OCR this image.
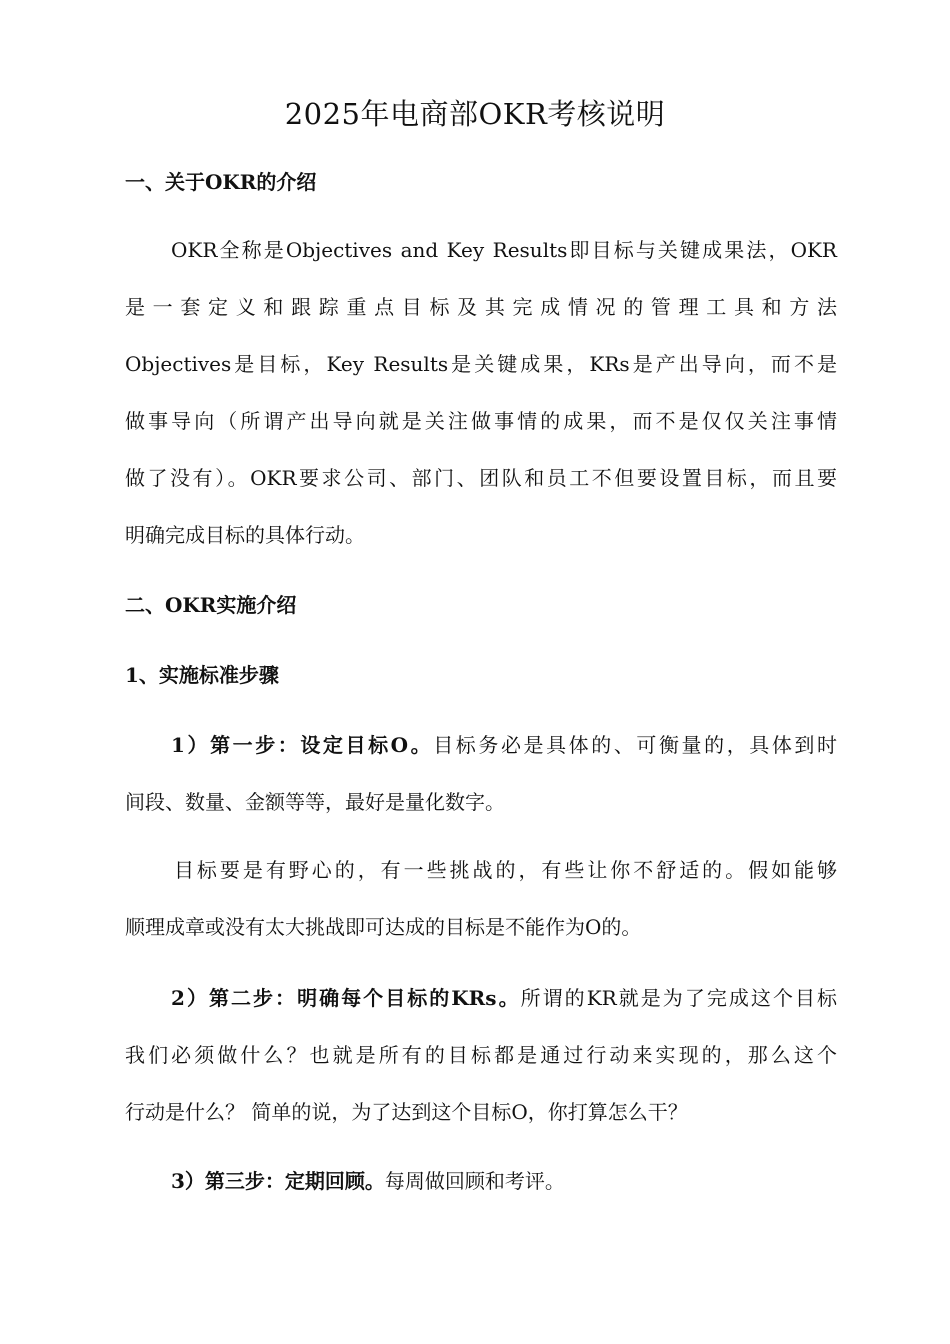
2025年电商部OKR考核说明
一、关于OKR的介绍
OKR全称是Objectives and Key Results即目标与关键成果法，OKR
是一套定义和跟踪重点目标及其完成情况的管理工具和方法
Objectives是目标，Key Results是关键成果，KRs是产出导向，而不是
做事导向（所谓产出导向就是关注做事情的成果，而不是仅仅关注事情
做了没有）。OKR要求公司、部门、团队和员工不但要设置目标，而且要
明确完成目标的具体行动。
二、OKR实施介绍
1、实施标准步骤
1）第一步：设定目标O。目标务必是具体的、可衡量的，具体到时
间段、数量、金额等等，最好是量化数字。
目标要是有野心的，有一些挑战的，有些让你不舒适的。假如能够
顺理成章或没有太大挑战即可达成的目标是不能作为O的。
2）第二步：明确每个目标的KRs。所谓的KR就是为了完成这个目标
我们必须做什么？也就是所有的目标都是通过行动来实现的，那么这个
行动是什么？ 简单的说，为了达到这个目标O，你打算怎么干？
3）第三步：定期回顾。每周做回顾和考评。
